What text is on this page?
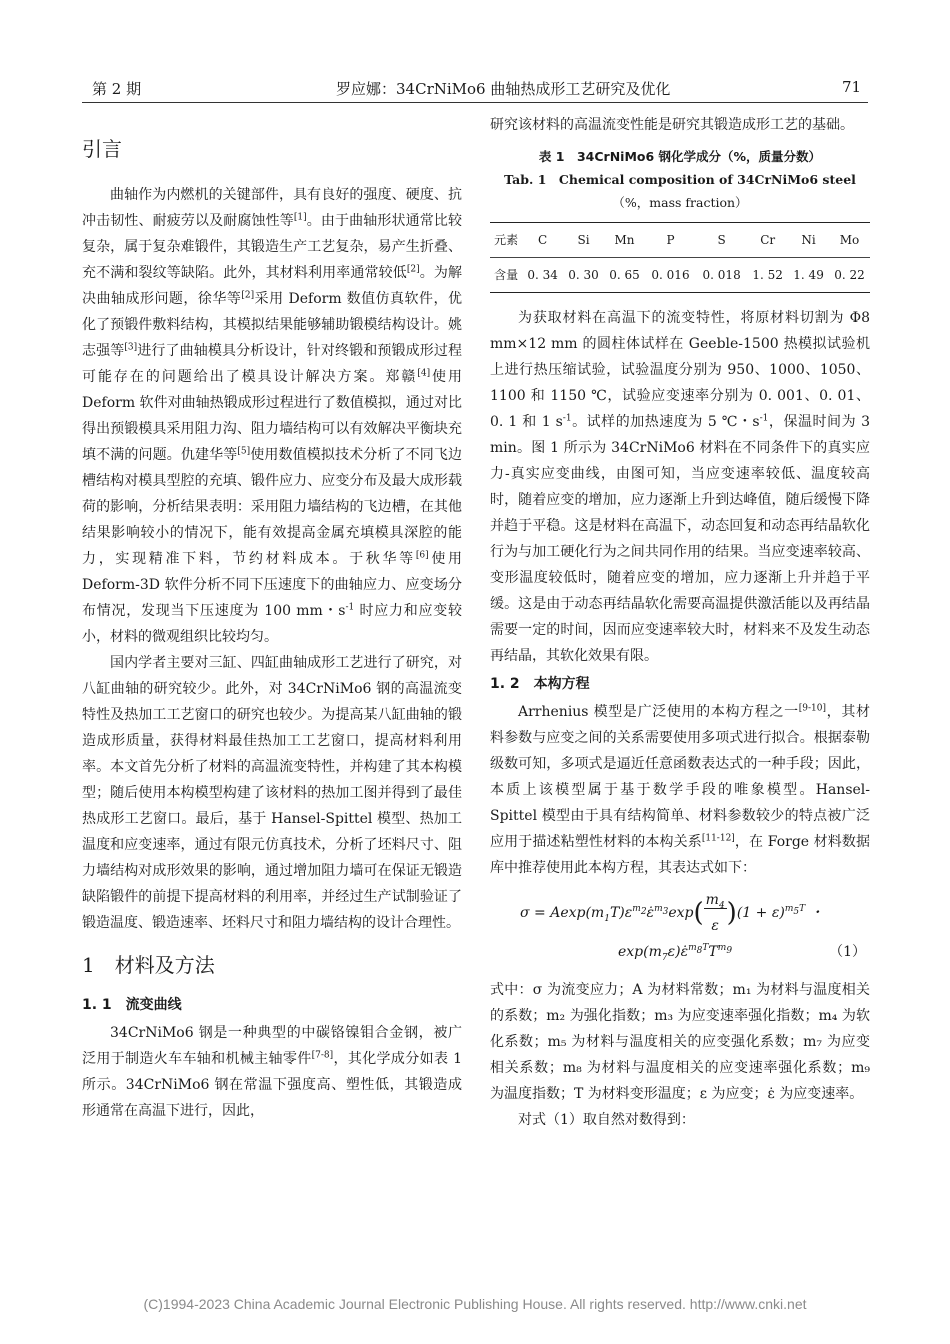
第 2 期	罗应娜：34CrNiMo6 曲轴热成形工艺研究及优化	71
引言

曲轴作为内燃机的关键部件，具有良好的强度、硬度、抗冲击韧性、耐疲劳以及耐腐蚀性等[1]。由于曲轴形状通常比较复杂，属于复杂难锻件，其锻造生产工艺复杂，易产生折叠、充不满和裂纹等缺陷。此外，其材料利用率通常较低[2]。为解决曲轴成形问题，徐华等[2]采用 Deform 数值仿真软件，优化了预锻件敷料结构，其模拟结果能够辅助锻模结构设计。姚志强等[3]进行了曲轴模具分析设计，针对终锻和预锻成形过程可能存在的问题给出了模具设计解决方案。郑赣[4]使用 Deform 软件对曲轴热锻成形过程进行了数值模拟，通过对比得出预锻模具采用阻力沟、阻力墙结构可以有效解决平衡块充填不满的问题。仇建华等[5]使用数值模拟技术分析了不同飞边槽结构对模具型腔的充填、锻件应力、应变分布及最大成形载荷的影响，分析结果表明：采用阻力墙结构的飞边槽，在其他结果影响较小的情况下，能有效提高金属充填模具深腔的能力，实现精准下料，节约材料成本。于秋华等[6]使用 Deform-3D 软件分析不同下压速度下的曲轴应力、应变场分布情况，发现当下压速度为 100 mm・$s^{-1}$ 时应力和应变较小，材料的微观组织比较均匀。

国内学者主要对三缸、四缸曲轴成形工艺进行了研究，对八缸曲轴的研究较少。此外，对 34CrNiMo6 钢的高温流变特性及热加工工艺窗口的研究也较少。为提高某八缸曲轴的锻造成形质量，获得材料最佳热加工工艺窗口，提高材料利用率。本文首先分析了材料的高温流变特性，并构建了其本构模型；随后使用本构模型构建了该材料的热加工图并得到了最佳热成形工艺窗口。最后，基于 Hansel-Spittel 模型、热加工温度和应变速率，通过有限元仿真技术，分析了坯料尺寸、阻力墙结构对成形效果的影响，通过增加阻力墙可在保证无锻造缺陷锻件的前提下提高材料的利用率，并经过生产试制验证了锻造温度、锻造速率、坯料尺寸和阻力墙结构的设计合理性。

1　材料及方法
1. 1　流变曲线

34CrNiMo6 钢是一种典型的中碳铬镍钼合金钢，被广泛用于制造火车车轴和机械主轴零件[7-8]，其化学成分如表 1 所示。34CrNiMo6 钢在常温下强度高、塑性低，其锻造成形通常在高温下进行，因此，

研究该材料的高温流变性能是研究其锻造成形工艺的基础。

表 1　34CrNiMo6 钢化学成分（%，质量分数）
Tab. 1　Chemical composition of 34CrNiMo6 steel
（%，mass fraction）
元素	C	Si	Mn	P	S	Cr	Ni	Mo
含量	0. 34	0. 30	0. 65	0. 016	0. 018	1. 52	1. 49	0. 22

为获取材料在高温下的流变特性，将原材料切割为 Φ8 mm×12 mm 的圆柱体试样在 Geeble-1500 热模拟试验机上进行热压缩试验，试验温度分别为 950、1000、1050、1100 和 1150 ℃，试验应变速率分别为 0. 001、0. 01、0. 1 和 1 $s^{-1}$。试样的加热速度为 5 ℃・$s^{-1}$，保温时间为 3 min。图 1 所示为 34CrNiMo6 材料在不同条件下的真实应力-真实应变曲线，由图可知，当应变速率较低、温度较高时，随着应变的增加，应力逐渐上升到达峰值，随后缓慢下降并趋于平稳。这是材料在高温下，动态回复和动态再结晶软化行为与加工硬化行为之间共同作用的结果。当应变速率较高、变形温度较低时，随着应变的增加，应力逐渐上升并趋于平缓。这是由于动态再结晶软化需要高温提供激活能以及再结晶需要一定的时间，因而应变速率较大时，材料来不及发生动态再结晶，其软化效果有限。

1. 2　本构方程

Arrhenius 模型是广泛使用的本构方程之一[9-10]，其材料参数与应变之间的关系需要使用多项式进行拟合。根据泰勒级数可知，多项式是逼近任意函数表达式的一种手段；因此，本质上该模型属于基于数学手段的唯象模型。Hansel-Spittel 模型由于具有结构简单、材料参数较少的特点被广泛应用于描述粘塑性材料的本构关系[11-12]，在 Forge 材料数据库中推荐使用此本构方程，其表达式如下：

$\sigma = Aexp(m_1T)\varepsilon^{m_2}\varepsiloṅ^{m_3}\exp(\frac{m_4}{\varepsilon})(1 + \varepsilon)^{m_5T}$ ・
$\exp(m_7\varepsilon)\varepsiloṅ^{m_8T}T^{m_9}$	（1）

式中：σ 为流变应力；A 为材料常数；m₁ 为材料与温度相关的系数；m₂ 为强化指数；m₃ 为应变速率强化指数；m₄ 为软化系数；m₅ 为材料与温度相关的应变强化系数；m₇ 为应变相关系数；m₈ 为材料与温度相关的应变速率强化系数；m₉ 为温度指数；T 为材料变形温度；ε 为应变；ε̇ 为应变速率。

对式（1）取自然对数得到：

(C)1994-2023 China Academic Journal Electronic Publishing House. All rights reserved. http://www.cnki.net
